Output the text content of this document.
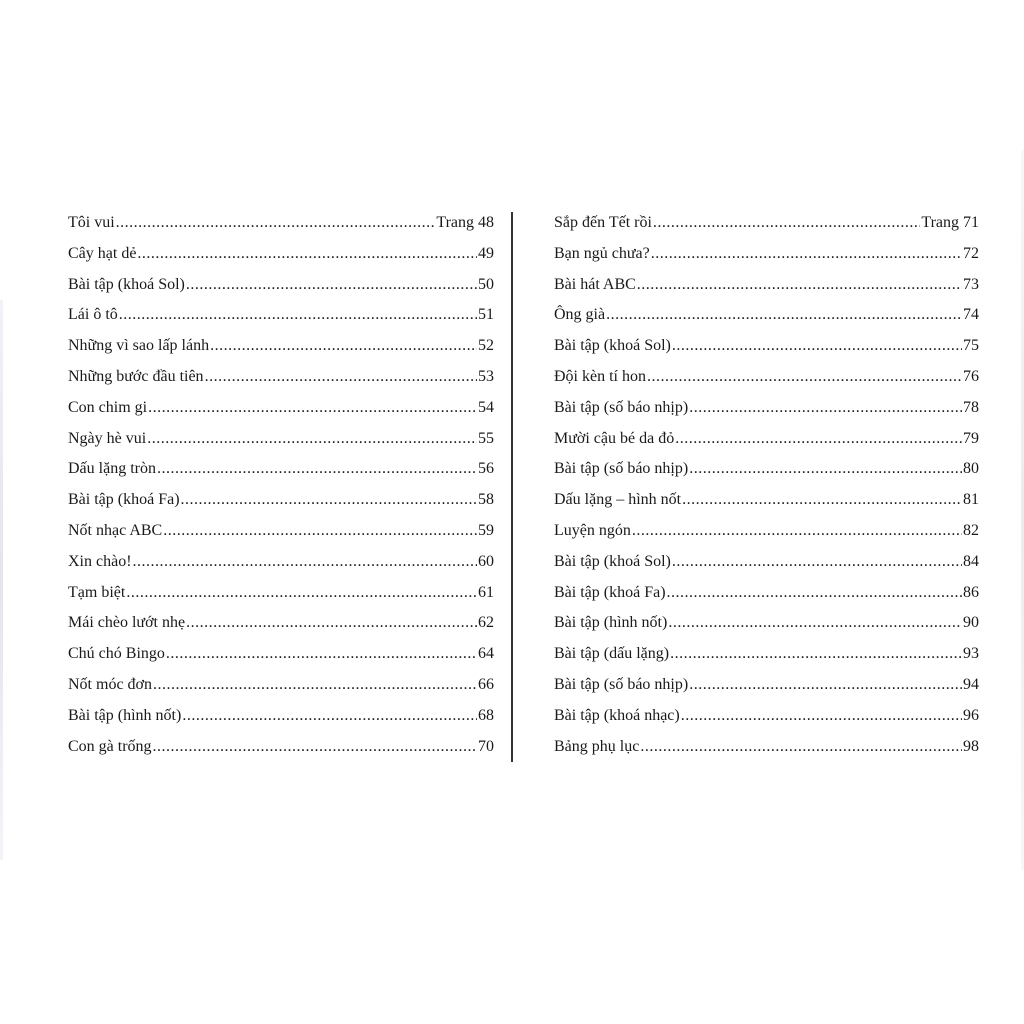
Tôi vui .....	Trang 48
Cây hạt dẻ .....	49
Bài tập (khoá Sol) .....	50
Lái ô tô .....	51
Những vì sao lấp lánh .....	52
Những bước đầu tiên .....	53
Con chim gi .....	54
Ngày hè vui .....	55
Dấu lặng tròn .....	56
Bài tập (khoá Fa) .....	58
Nốt nhạc ABC .....	59
Xin chào! .....	60
Tạm biệt .....	61
Mái chèo lướt nhẹ .....	62
Chú chó Bingo .....	64
Nốt móc đơn .....	66
Bài tập (hình nốt) .....	68
Con gà trống .....	70
Sắp đến Tết rồi .....	Trang 71
Bạn ngủ chưa? .....	72
Bài hát ABC .....	73
Ông già .....	74
Bài tập (khoá Sol) .....	75
Đội kèn tí hon .....	76
Bài tập (số báo nhịp) .....	78
Mười cậu bé da đỏ .....	79
Bài tập (số báo nhịp) .....	80
Dấu lặng – hình nốt .....	81
Luyện ngón .....	82
Bài tập (khoá Sol) .....	84
Bài tập (khoá Fa) .....	86
Bài tập (hình nốt) .....	90
Bài tập (dấu lặng) .....	93
Bài tập (số báo nhịp) .....	94
Bài tập (khoá nhạc) .....	96
Bảng phụ lục .....	98
